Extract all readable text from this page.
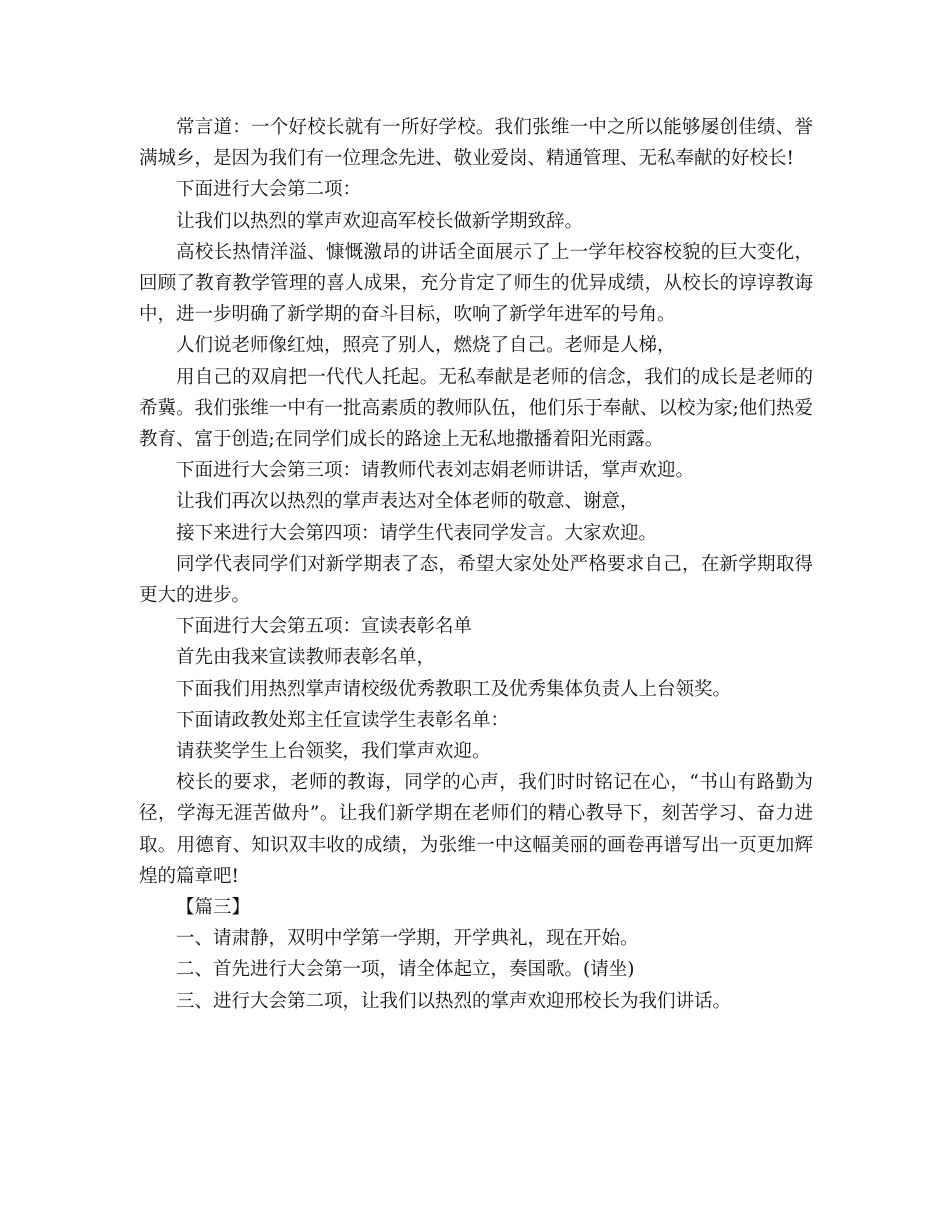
常言道：一个好校长就有一所好学校。我们张维一中之所以能够屡创佳绩、誉满城乡，是因为我们有一位理念先进、敬业爱岗、精通管理、无私奉献的好校长!

下面进行大会第二项：

让我们以热烈的掌声欢迎高军校长做新学期致辞。

高校长热情洋溢、慷慨激昂的讲话全面展示了上一学年校容校貌的巨大变化，回顾了教育教学管理的喜人成果，充分肯定了师生的优异成绩，从校长的谆谆教诲中，进一步明确了新学期的奋斗目标，吹响了新学年进军的号角。

人们说老师像红烛，照亮了别人，燃烧了自己。老师是人梯，

用自己的双肩把一代代人托起。无私奉献是老师的信念，我们的成长是老师的希冀。我们张维一中有一批高素质的教师队伍，他们乐于奉献、以校为家;他们热爱教育、富于创造;在同学们成长的路途上无私地撒播着阳光雨露。

下面进行大会第三项：请教师代表刘志娟老师讲话，掌声欢迎。

让我们再次以热烈的掌声表达对全体老师的敬意、谢意，

接下来进行大会第四项：请学生代表同学发言。大家欢迎。

同学代表同学们对新学期表了态，希望大家处处严格要求自己，在新学期取得更大的进步。

下面进行大会第五项：宣读表彰名单

首先由我来宣读教师表彰名单，

下面我们用热烈掌声请校级优秀教职工及优秀集体负责人上台领奖。

下面请政教处郑主任宣读学生表彰名单：

请获奖学生上台领奖，我们掌声欢迎。

校长的要求，老师的教诲，同学的心声，我们时时铭记在心，“书山有路勤为径，学海无涯苦做舟”。让我们新学期在老师们的精心教导下，刻苦学习、奋力进取。用德育、知识双丰收的成绩，为张维一中这幅美丽的画卷再谱写出一页更加辉煌的篇章吧!

【篇三】

一、请肃静，双明中学第一学期，开学典礼，现在开始。

二、首先进行大会第一项，请全体起立，奏国歌。(请坐)

三、进行大会第二项，让我们以热烈的掌声欢迎邢校长为我们讲话。
